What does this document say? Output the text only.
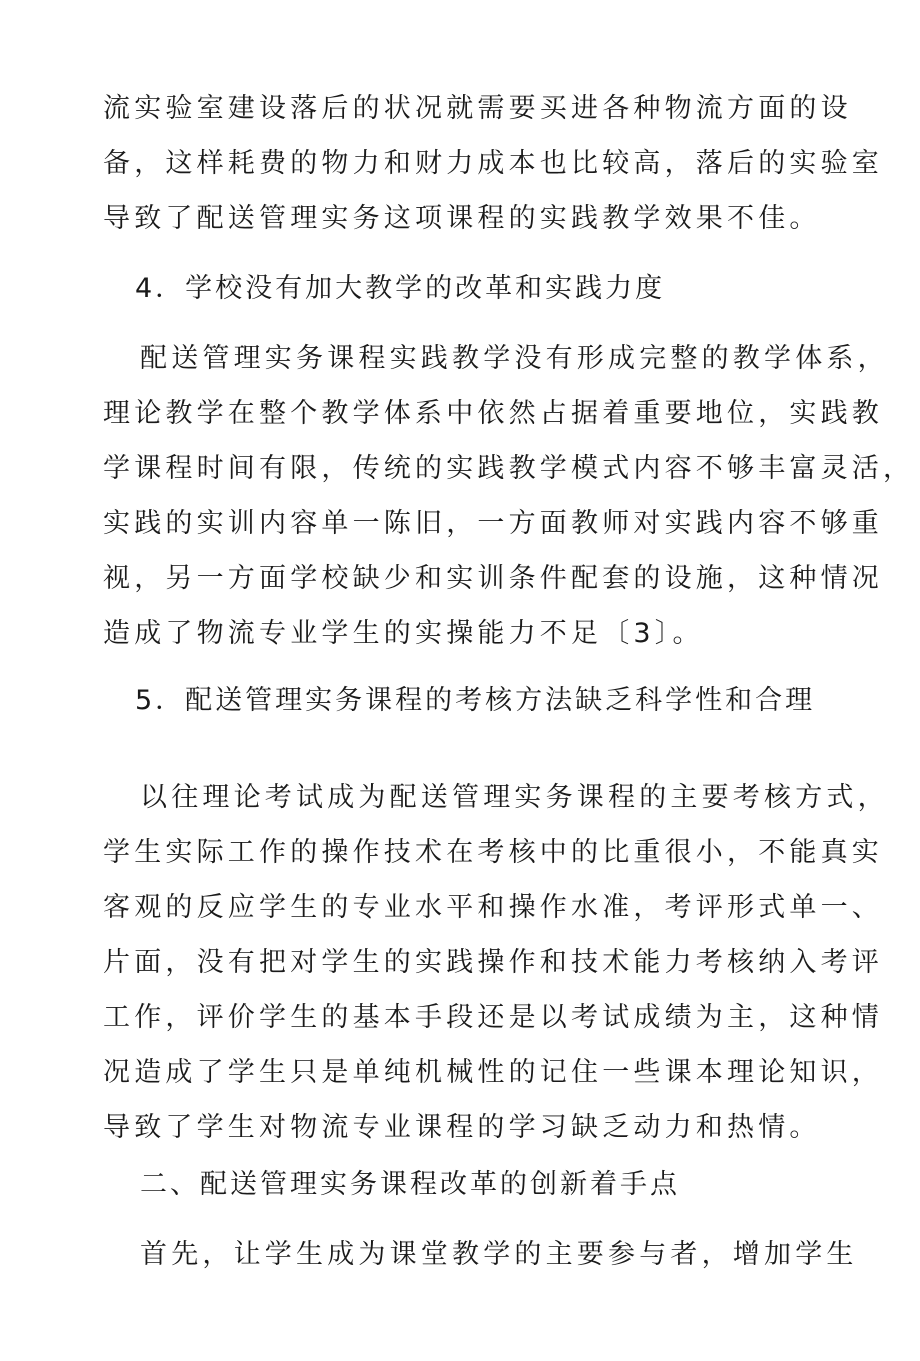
流实验室建设落后的状况就需要买进各种物流方面的设
备，这样耗费的物力和财力成本也比较高，落后的实验室
导致了配送管理实务这项课程的实践教学效果不佳。
4．学校没有加大教学的改革和实践力度
配送管理实务课程实践教学没有形成完整的教学体系，
理论教学在整个教学体系中依然占据着重要地位，实践教
学课程时间有限，传统的实践教学模式内容不够丰富灵活，
实践的实训内容单一陈旧，一方面教师对实践内容不够重
视，另一方面学校缺少和实训条件配套的设施，这种情况
造成了物流专业学生的实操能力不足〔3〕。
5．配送管理实务课程的考核方法缺乏科学性和合理
以往理论考试成为配送管理实务课程的主要考核方式，
学生实际工作的操作技术在考核中的比重很小，不能真实
客观的反应学生的专业水平和操作水准，考评形式单一、
片面，没有把对学生的实践操作和技术能力考核纳入考评
工作，评价学生的基本手段还是以考试成绩为主，这种情
况造成了学生只是单纯机械性的记住一些课本理论知识，
导致了学生对物流专业课程的学习缺乏动力和热情。
二、配送管理实务课程改革的创新着手点
首先，让学生成为课堂教学的主要参与者，增加学生
